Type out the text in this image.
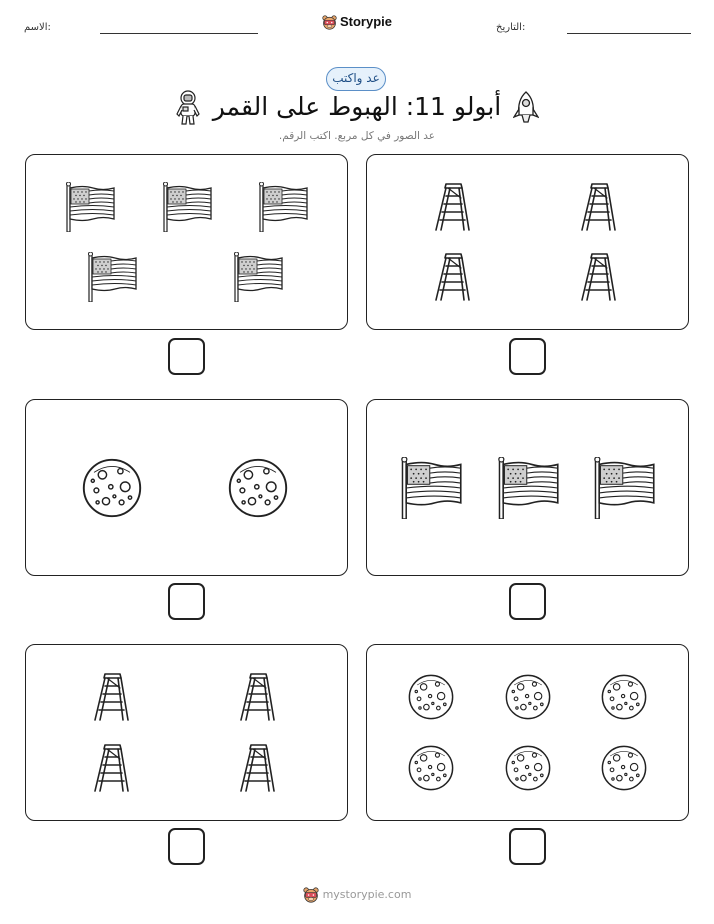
الاسم:	Storypie	التاريخ:
عد واكتب
أبولو 11: الهبوط على القمر
عد الصور في كل مربع. اكتب الرقم.
mystorypie.com
